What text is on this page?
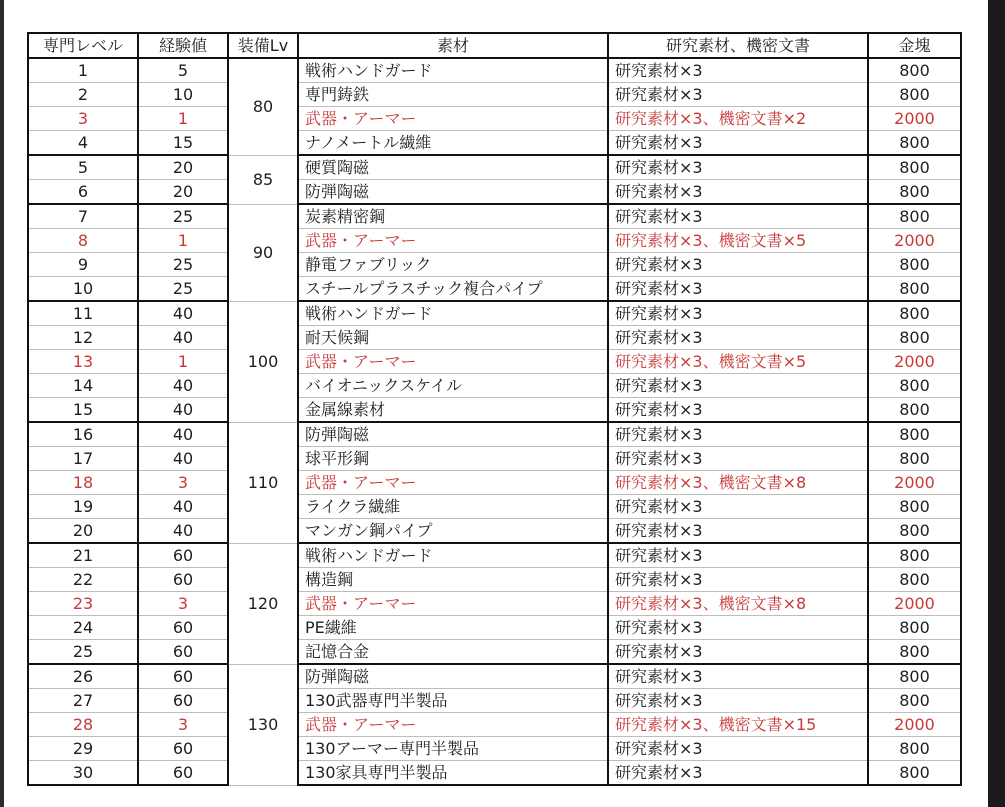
専門レベル	経験値	装備Lv	素材	研究素材、機密文書	金塊
1	5	80	戦術ハンドガード	研究素材×3	800
2	10		専門鋳鉄	研究素材×3	800
3	1		武器・アーマー	研究素材×3、機密文書×2	2000
4	15		ナノメートル繊維	研究素材×3	800
5	20	85	硬質陶磁	研究素材×3	800
6	20		防弾陶磁	研究素材×3	800
7	25	90	炭素精密鋼	研究素材×3	800
8	1		武器・アーマー	研究素材×3、機密文書×5	2000
9	25		静電ファブリック	研究素材×3	800
10	25		スチールプラスチック複合パイプ	研究素材×3	800
11	40	100	戦術ハンドガード	研究素材×3	800
12	40		耐天候鋼	研究素材×3	800
13	1		武器・アーマー	研究素材×3、機密文書×5	2000
14	40		バイオニックスケイル	研究素材×3	800
15	40		金属線素材	研究素材×3	800
16	40	110	防弾陶磁	研究素材×3	800
17	40		球平形鋼	研究素材×3	800
18	3		武器・アーマー	研究素材×3、機密文書×8	2000
19	40		ライクラ繊維	研究素材×3	800
20	40		マンガン鋼パイプ	研究素材×3	800
21	60	120	戦術ハンドガード	研究素材×3	800
22	60		構造鋼	研究素材×3	800
23	3		武器・アーマー	研究素材×3、機密文書×8	2000
24	60		PE繊維	研究素材×3	800
25	60		記憶合金	研究素材×3	800
26	60	130	防弾陶磁	研究素材×3	800
27	60		130武器専門半製品	研究素材×3	800
28	3		武器・アーマー	研究素材×3、機密文書×15	2000
29	60		130アーマー専門半製品	研究素材×3	800
30	60		130家具専門半製品	研究素材×3	800
